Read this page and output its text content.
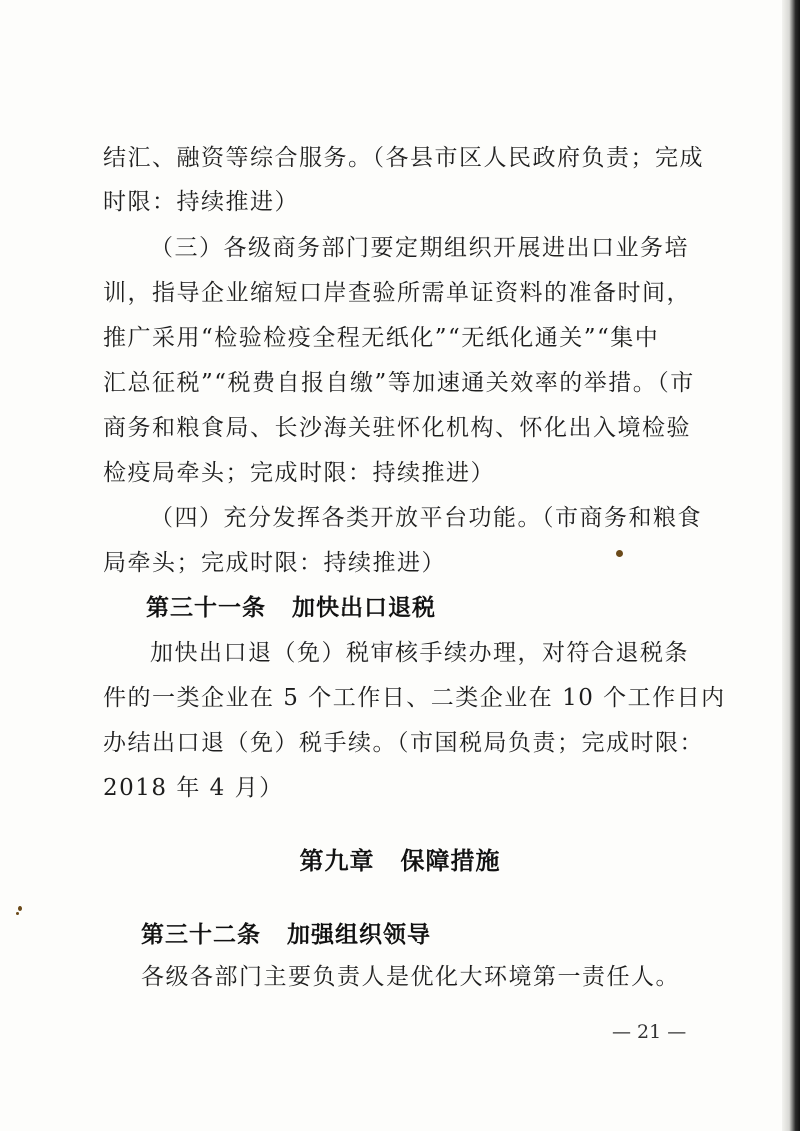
结汇、融资等综合服务。（各县市区人民政府负责；完成
时限：持续推进）
（三）各级商务部门要定期组织开展进出口业务培
训，指导企业缩短口岸查验所需单证资料的准备时间，
推广采用“检验检疫全程无纸化”“无纸化通关”“集中
汇总征税”“税费自报自缴”等加速通关效率的举措。（市
商务和粮食局、长沙海关驻怀化机构、怀化出入境检验
检疫局牵头；完成时限：持续推进）
（四）充分发挥各类开放平台功能。（市商务和粮食
局牵头；完成时限：持续推进）
第三十一条 加快出口退税
加快出口退（免）税审核手续办理，对符合退税条
件的一类企业在 5 个工作日、二类企业在 10 个工作日内
办结出口退（免）税手续。（市国税局负责；完成时限：
2018 年 4 月）
第九章 保障措施
第三十二条 加强组织领导
各级各部门主要负责人是优化大环境第一责任人。
— 21 —
